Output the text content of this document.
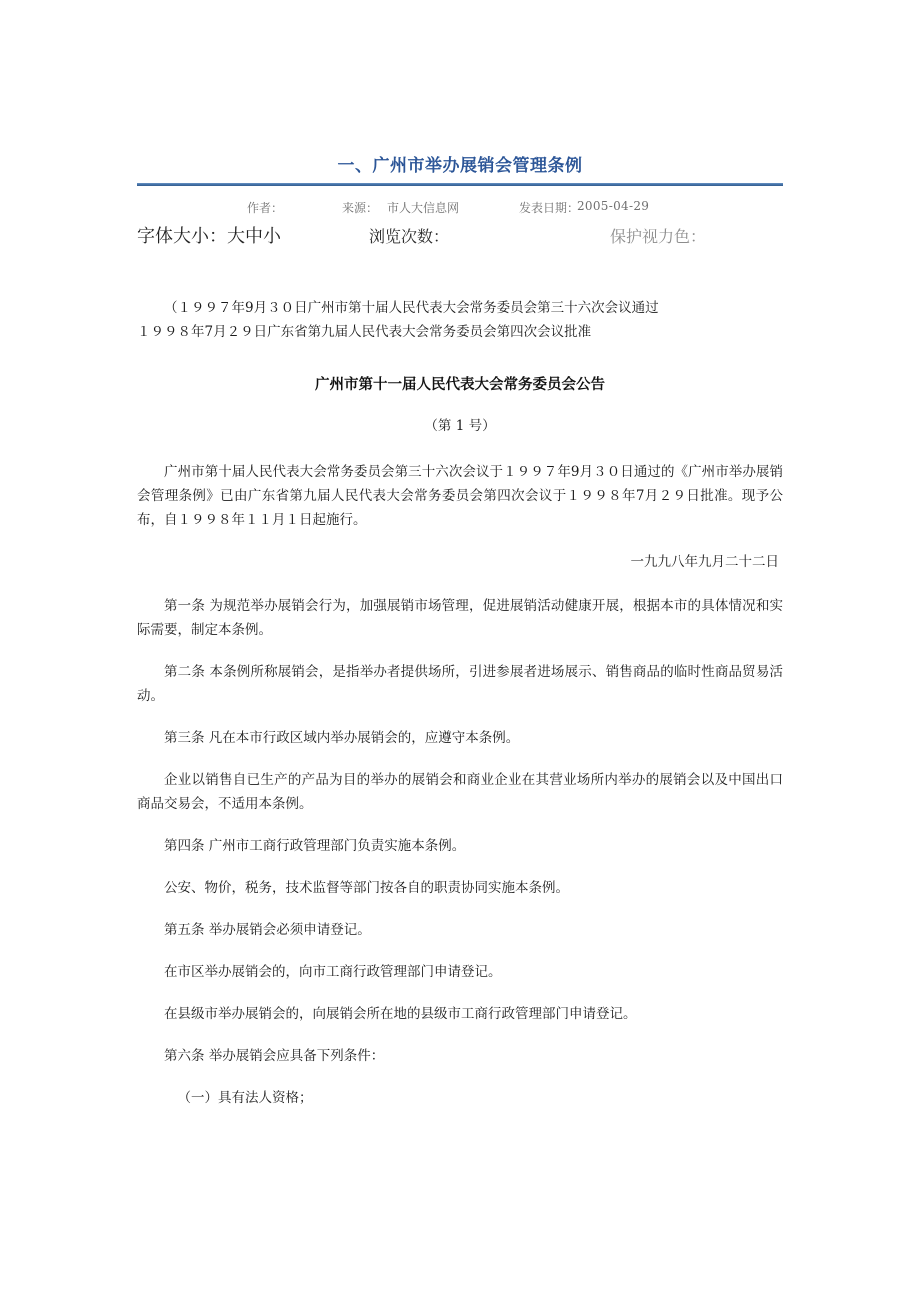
一、广州市举办展销会管理条例
作者：	来源： 市人大信息网	发表日期：
2005-04-29
字体大小：大中小	浏览次数：	保护视力色：

（１９９７年9月３０日广州市第十届人民代表大会常务委员会第三十六次会议通过

１９９８年7月２９日广东省第九届人民代表大会常务委员会第四次会议批准

广州市第十一届人民代表大会常务委员会公告

（第 1 号）

广州市第十届人民代表大会常务委员会第三十六次会议于１９９７年9月３０日通过的《广州市举办展销会管理条例》已由广东省第九届人民代表大会常务委员会第四次会议于１９９８年7月２９日批准。现予公布，自１９９８年１１月１日起施行。

一九九八年九月二十二日

第一条 为规范举办展销会行为，加强展销市场管理，促进展销活动健康开展，根据本市的具体情况和实际需要，制定本条例。

第二条 本条例所称展销会，是指举办者提供场所，引进参展者进场展示、销售商品的临时性商品贸易活动。

第三条 凡在本市行政区域内举办展销会的，应遵守本条例。

企业以销售自已生产的产品为目的举办的展销会和商业企业在其营业场所内举办的展销会以及中国出口商品交易会，不适用本条例。

第四条 广州市工商行政管理部门负责实施本条例。

公安、物价，税务，技术监督等部门按各自的职责协同实施本条例。

第五条 举办展销会必须申请登记。

在市区举办展销会的，向市工商行政管理部门申请登记。

在县级市举办展销会的，向展销会所在地的县级市工商行政管理部门申请登记。

第六条 举办展销会应具备下列条件：

（一）具有法人资格；
